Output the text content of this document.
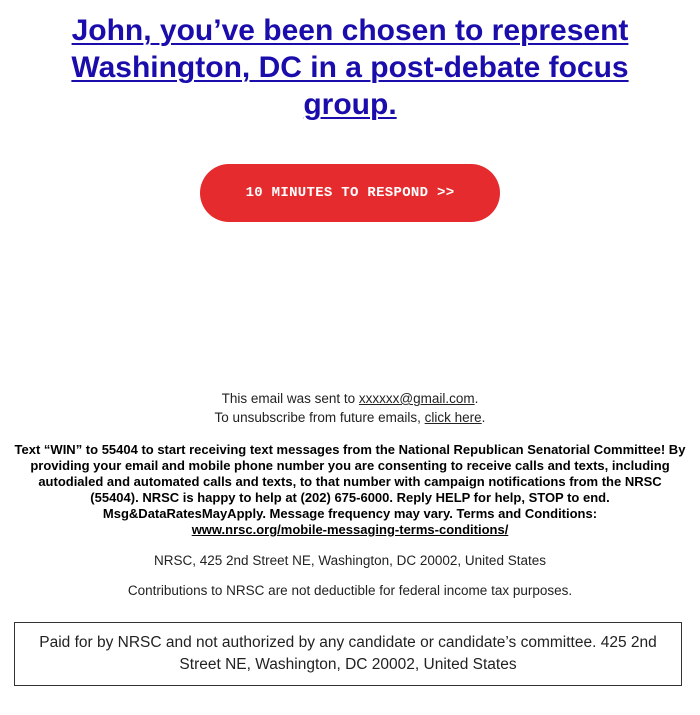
John, you’ve been chosen to represent Washington, DC in a post-debate focus group.
10 MINUTES TO RESPOND >>
This email was sent to xxxxxx@gmail.com.
To unsubscribe from future emails, click here.
Text “WIN” to 55404 to start receiving text messages from the National Republican Senatorial Committee! By providing your email and mobile phone number you are consenting to receive calls and texts, including autodialed and automated calls and texts, to that number with campaign notifications from the NRSC (55404). NRSC is happy to help at (202) 675-6000. Reply HELP for help, STOP to end. Msg&DataRatesMayApply. Message frequency may vary. Terms and Conditions:
www.nrsc.org/mobile-messaging-terms-conditions/
NRSC, 425 2nd Street NE, Washington, DC 20002, United States
Contributions to NRSC are not deductible for federal income tax purposes.
Paid for by NRSC and not authorized by any candidate or candidate’s committee. 425 2nd Street NE, Washington, DC 20002, United States
